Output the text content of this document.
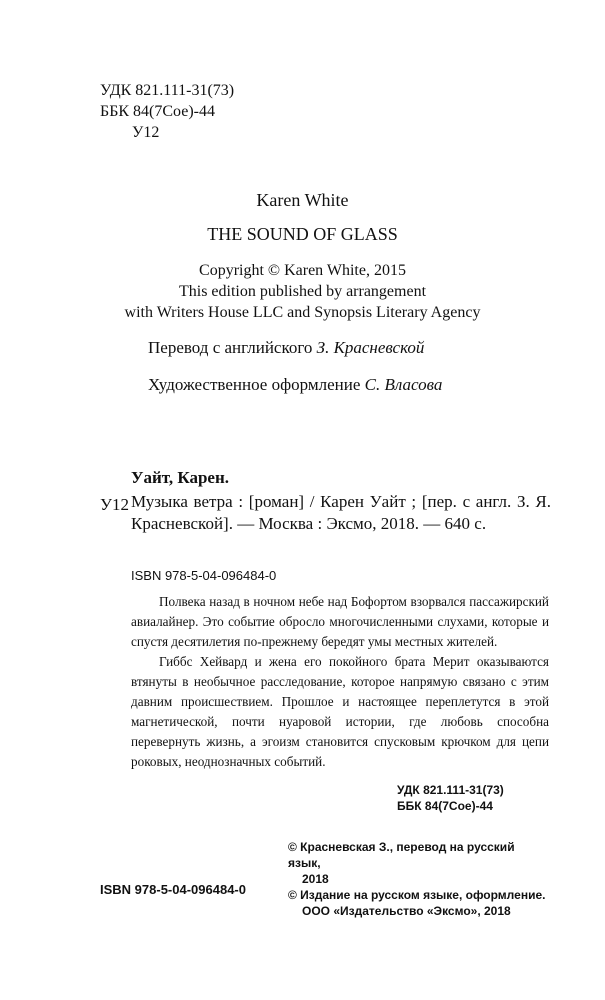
УДК 821.111-31(73)
ББК 84(7Сое)-44
У12
Karen White
THE SOUND OF GLASS
Copyright © Karen White, 2015
This edition published by arrangement
with Writers House LLC and Synopsis Literary Agency
Перевод с английского З. Красневской
Художественное оформление С. Власова
Уайт, Карен.
У12 Музыка ветра : [роман] / Карен Уайт ; [пер. с англ. З. Я. Красневской]. — Москва : Эксмо, 2018. — 640 с.
ISBN 978-5-04-096484-0

Полвека назад в ночном небе над Бофортом взорвался пассажирский авиалайнер. Это событие обросло многочисленными слухами, которые и спустя десятилетия по-прежнему бередят умы местных жителей.

Гиббс Хейвард и жена его покойного брата Мерит оказываются втянуты в необычное расследование, которое напрямую связано с этим давним происшествием. Прошлое и настоящее переплетутся в этой магнетической, почти нуаровой истории, где любовь способна перевернуть жизнь, а эгоизм становится спусковым крючком для цепи роковых, неоднозначных событий.

УДК 821.111-31(73)
ББК 84(7Сое)-44
ISBN 978-5-04-096484-0
© Красневская З., перевод на русский язык,
2018
© Издание на русском языке, оформление.
ООО «Издательство «Эксмо», 2018
